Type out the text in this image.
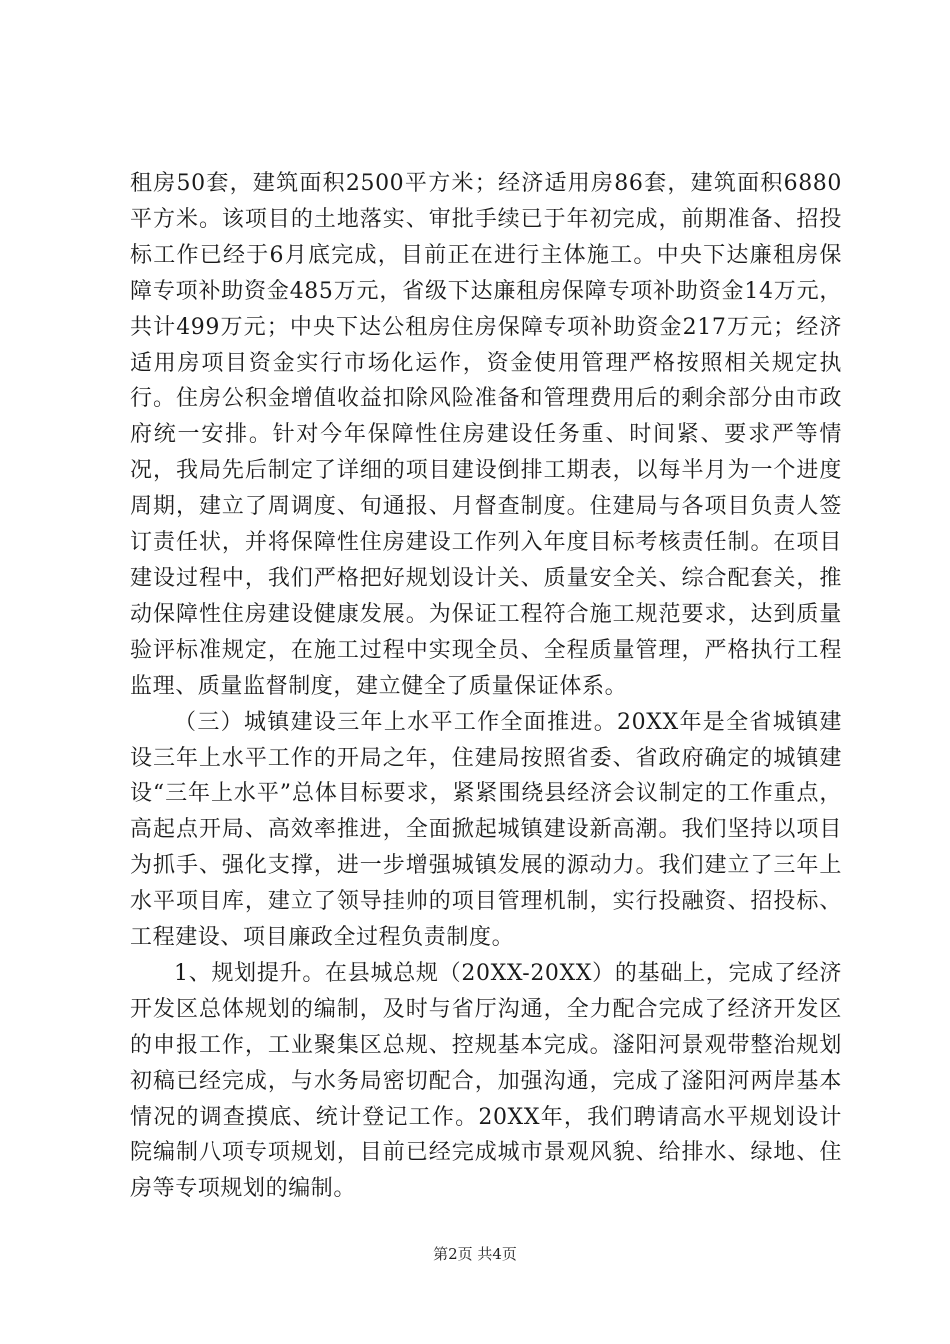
租房50套，建筑面积2500平方米；经济适用房86套，建筑面积6880平方米。该项目的土地落实、审批手续已于年初完成，前期准备、招投标工作已经于6月底完成，目前正在进行主体施工。中央下达廉租房保障专项补助资金485万元，省级下达廉租房保障专项补助资金14万元，共计499万元；中央下达公租房住房保障专项补助资金217万元；经济适用房项目资金实行市场化运作，资金使用管理严格按照相关规定执行。住房公积金增值收益扣除风险准备和管理费用后的剩余部分由市政府统一安排。针对今年保障性住房建设任务重、时间紧、要求严等情况，我局先后制定了详细的项目建设倒排工期表，以每半月为一个进度周期，建立了周调度、旬通报、月督查制度。住建局与各项目负责人签订责任状，并将保障性住房建设工作列入年度目标考核责任制。在项目建设过程中，我们严格把好规划设计关、质量安全关、综合配套关，推动保障性住房建设健康发展。为保证工程符合施工规范要求，达到质量验评标准规定，在施工过程中实现全员、全程质量管理，严格执行工程监理、质量监督制度，建立健全了质量保证体系。

（三）城镇建设三年上水平工作全面推进。20XX年是全省城镇建设三年上水平工作的开局之年，住建局按照省委、省政府确定的城镇建设“三年上水平”总体目标要求，紧紧围绕县经济会议制定的工作重点，高起点开局、高效率推进，全面掀起城镇建设新高潮。我们坚持以项目为抓手、强化支撑，进一步增强城镇发展的源动力。我们建立了三年上水平项目库，建立了领导挂帅的项目管理机制，实行投融资、招投标、工程建设、项目廉政全过程负责制度。

1、规划提升。在县城总规（20XX-20XX）的基础上，完成了经济开发区总体规划的编制，及时与省厅沟通，全力配合完成了经济开发区的申报工作，工业聚集区总规、控规基本完成。滏阳河景观带整治规划初稿已经完成，与水务局密切配合，加强沟通，完成了滏阳河两岸基本情况的调查摸底、统计登记工作。20XX年，我们聘请高水平规划设计院编制八项专项规划，目前已经完成城市景观风貌、给排水、绿地、住房等专项规划的编制。

第2页 共4页
